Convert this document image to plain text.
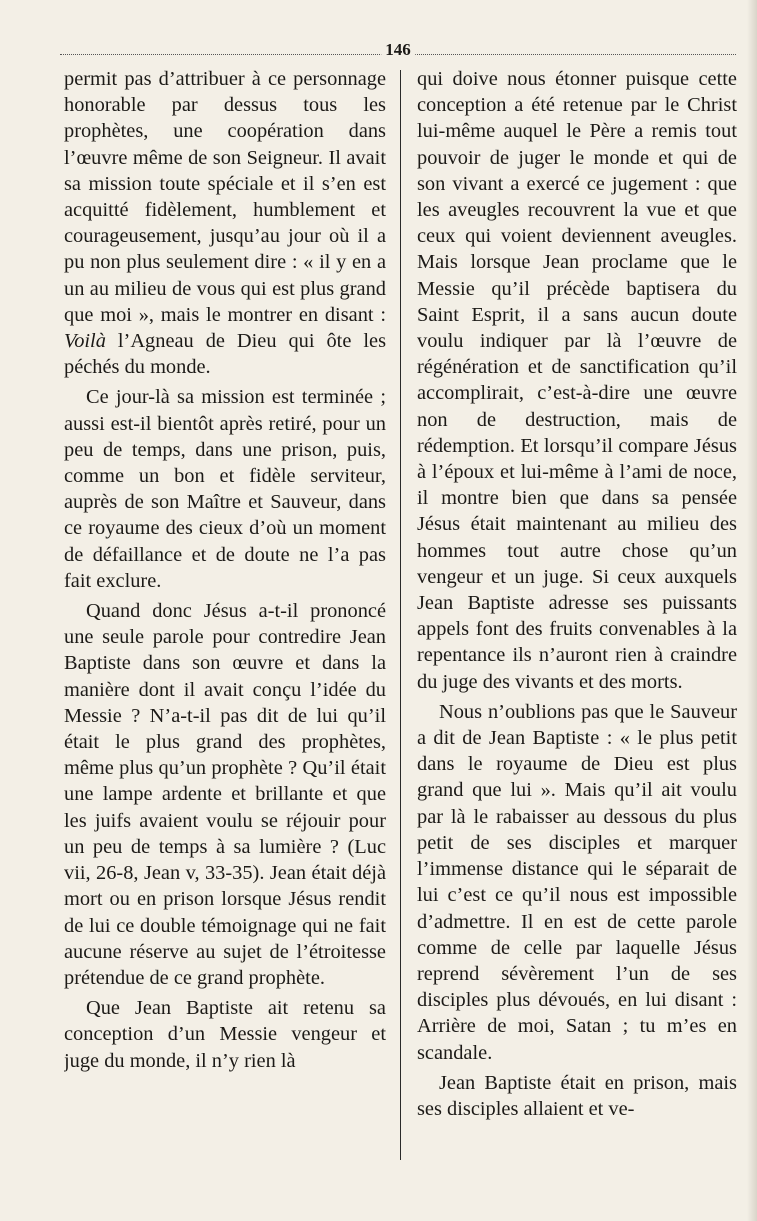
146

permit pas d’attribuer à ce personnage honorable par dessus tous les prophètes, une coopération dans l’œuvre même de son Seigneur. Il avait sa mission toute spéciale et il s’en est acquitté fidèlement, humblement et courageusement, jusqu’au jour où il a pu non plus seulement dire : « il y en a un au milieu de vous qui est plus grand que moi », mais le montrer en disant : Voilà l’Agneau de Dieu qui ôte les péchés du monde.

Ce jour-là sa mission est terminée ; aussi est-il bientôt après retiré, pour un peu de temps, dans une prison, puis, comme un bon et fidèle serviteur, auprès de son Maître et Sauveur, dans ce royaume des cieux d’où un moment de défaillance et de doute ne l’a pas fait exclure.

Quand donc Jésus a-t-il prononcé une seule parole pour contredire Jean Baptiste dans son œuvre et dans la manière dont il avait conçu l’idée du Messie ? N’a-t-il pas dit de lui qu’il était le plus grand des prophètes, même plus qu’un prophète ? Qu’il était une lampe ardente et brillante et que les juifs avaient voulu se réjouir pour un peu de temps à sa lumière ? (Luc vii, 26-8, Jean v, 33-35). Jean était déjà mort ou en prison lorsque Jésus rendit de lui ce double témoignage qui ne fait aucune réserve au sujet de l’étroitesse prétendue de ce grand prophète.

Que Jean Baptiste ait retenu sa conception d’un Messie vengeur et juge du monde, il n’y rien là

qui doive nous étonner puisque cette conception a été retenue par le Christ lui-même auquel le Père a remis tout pouvoir de juger le monde et qui de son vivant a exercé ce jugement : que les aveugles recouvrent la vue et que ceux qui voient deviennent aveugles. Mais lorsque Jean proclame que le Messie qu’il précède baptisera du Saint Esprit, il a sans aucun doute voulu indiquer par là l’œuvre de régénération et de sanctification qu’il accomplirait, c’est-à-dire une œuvre non de destruction, mais de rédemption. Et lorsqu’il compare Jésus à l’époux et lui-même à l’ami de noce, il montre bien que dans sa pensée Jésus était maintenant au milieu des hommes tout autre chose qu’un vengeur et un juge. Si ceux auxquels Jean Baptiste adresse ses puissants appels font des fruits convenables à la repentance ils n’auront rien à craindre du juge des vivants et des morts.

Nous n’oublions pas que le Sauveur a dit de Jean Baptiste : « le plus petit dans le royaume de Dieu est plus grand que lui ». Mais qu’il ait voulu par là le rabaisser au dessous du plus petit de ses disciples et marquer l’immense distance qui le séparait de lui c’est ce qu’il nous est impossible d’admettre. Il en est de cette parole comme de celle par laquelle Jésus reprend sévèrement l’un de ses disciples plus dévoués, en lui disant : Arrière de moi, Satan ; tu m’es en scandale.

Jean Baptiste était en prison, mais ses disciples allaient et ve-
